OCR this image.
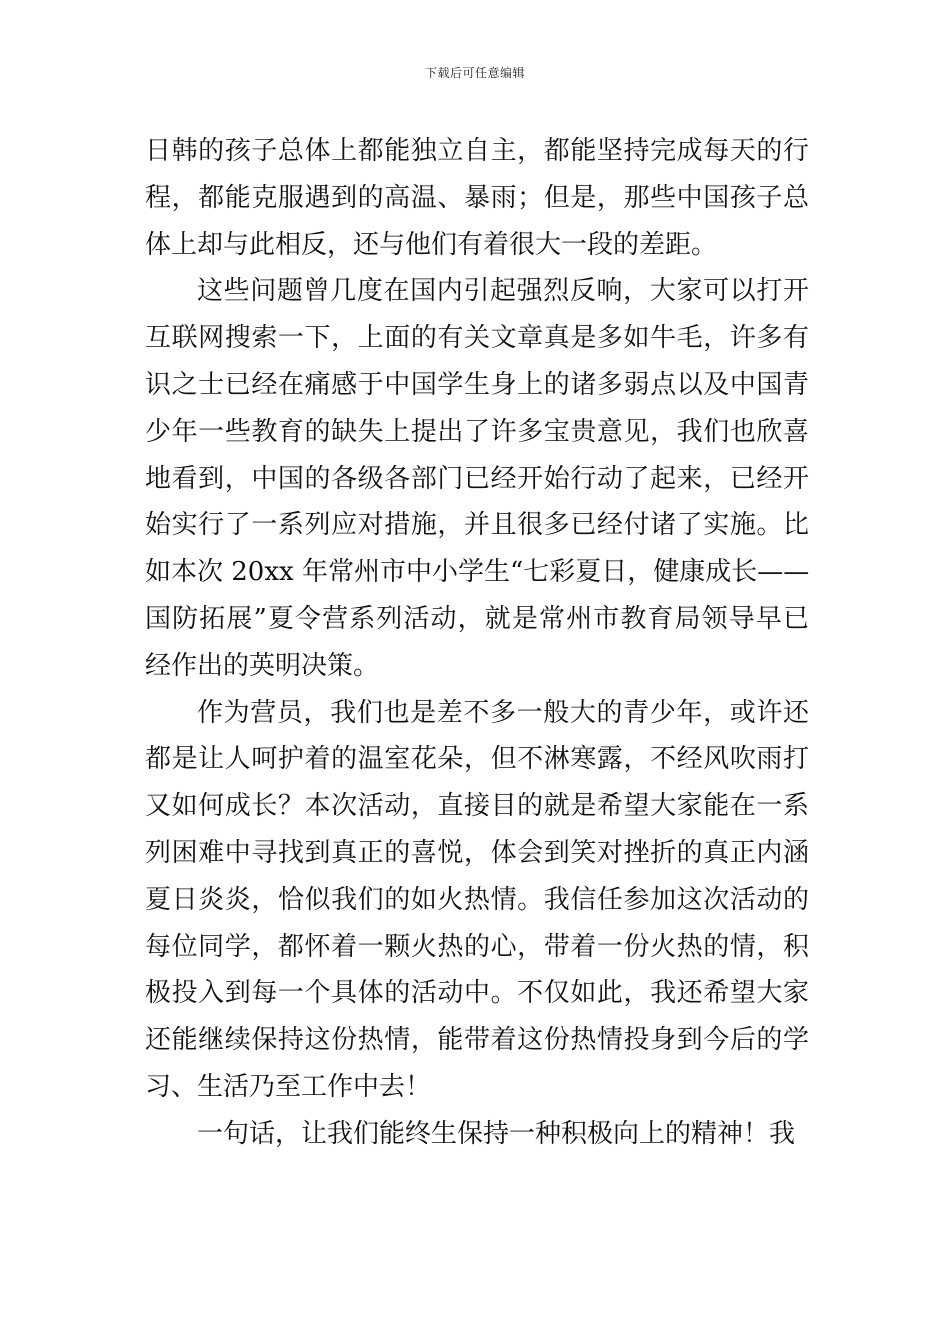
下载后可任意编辑

日韩的孩子总体上都能独立自主，都能坚持完成每天的行
程，都能克服遇到的高温、暴雨；但是，那些中国孩子总
体上却与此相反，还与他们有着很大一段的差距。

这些问题曾几度在国内引起强烈反响，大家可以打开
互联网搜索一下，上面的有关文章真是多如牛毛，许多有
识之士已经在痛感于中国学生身上的诸多弱点以及中国青
少年一些教育的缺失上提出了许多宝贵意见，我们也欣喜
地看到，中国的各级各部门已经开始行动了起来，已经开
始实行了一系列应对措施，并且很多已经付诸了实施。比
如本次 20xx 年常州市中小学生“七彩夏日，健康成长——
国防拓展”夏令营系列活动，就是常州市教育局领导早已
经作出的英明决策。

作为营员，我们也是差不多一般大的青少年，或许还
都是让人呵护着的温室花朵，但不淋寒露，不经风吹雨打
又如何成长？本次活动，直接目的就是希望大家能在一系
列困难中寻找到真正的喜悦，体会到笑对挫折的真正内涵
夏日炎炎，恰似我们的如火热情。我信任参加这次活动的
每位同学，都怀着一颗火热的心，带着一份火热的情，积
极投入到每一个具体的活动中。不仅如此，我还希望大家
还能继续保持这份热情，能带着这份热情投身到今后的学
习、生活乃至工作中去！

一句话，让我们能终生保持一种积极向上的精神！我
